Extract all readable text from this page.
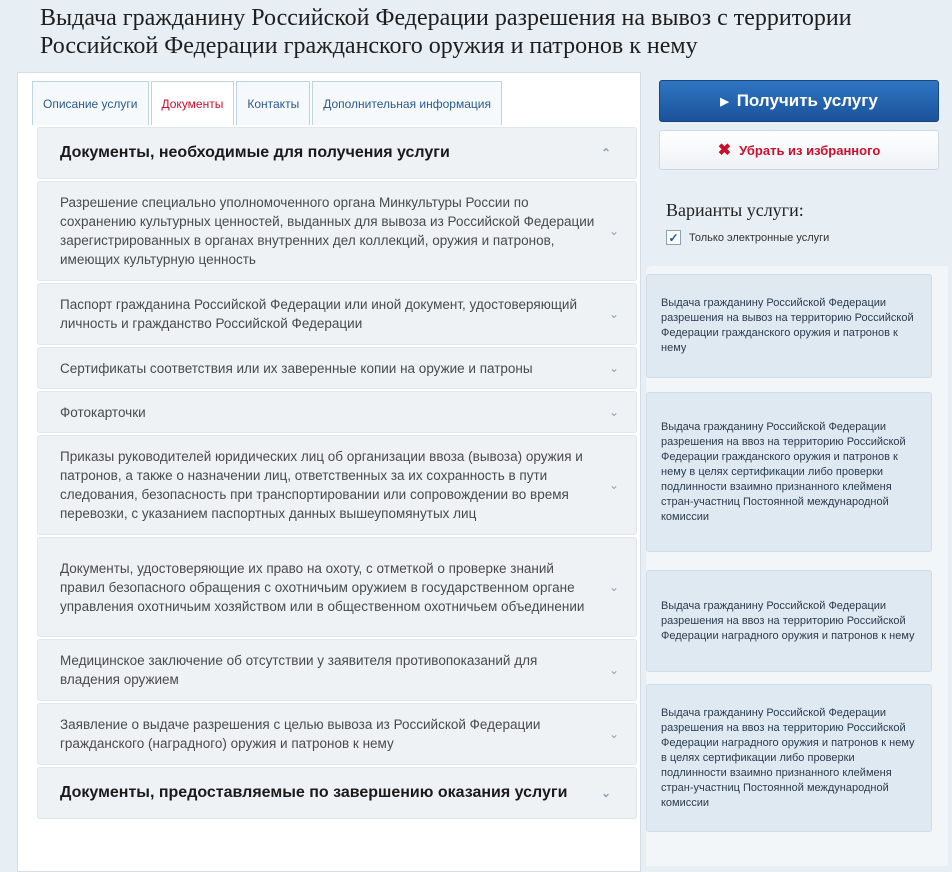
Выдача гражданину Российской Федерации разрешения на вывоз с территории Российской Федерации гражданского оружия и патронов к нему
Описание услуги	Документы	Контакты	Дополнительная информация
Документы, необходимые для получения услуги	⌃
Разрешение специально уполномоченного органа Минкультуры России по сохранению культурных ценностей, выданных для вывоза из Российской Федерации зарегистрированных в органах внутренних дел коллекций, оружия и патронов, имеющих культурную ценность
⌄
Паспорт гражданина Российской Федерации или иной документ, удостоверяющий личность и гражданство Российской Федерации
⌄
Сертификаты соответствия или их заверенные копии на оружие и патроны	⌄
Фотокарточки	⌄
Приказы руководителей юридических лиц об организации ввоза (вывоза) оружия и патронов, а также о назначении лиц, ответственных за их сохранность в пути следования, безопасность при транспортировании или сопровождении во время перевозки, с указанием паспортных данных вышеупомянутых лиц
⌄
Документы, удостоверяющие их право на охоту, с отметкой о проверке знаний правил безопасного обращения с охотничьим оружием в государственном органе управления охотничьим хозяйством или в общественном охотничьем объединении
⌄
Медицинское заключение об отсутствии у заявителя противопоказаний для владения оружием
⌄
Заявление о выдаче разрешения с целью вывоза из Российской Федерации гражданского (наградного) оружия и патронов к нему
⌄
Документы, предоставляемые по завершению оказания услуги	⌄
▶ Получить услугу
✖ Убрать из избранного
Варианты услуги:
✓ Только электронные услуги
Выдача гражданину Российской Федерации разрешения на вывоз на территорию Российской Федерации гражданского оружия и патронов к нему
Выдача гражданину Российской Федерации разрешения на ввоз на территорию Российской Федерации гражданского оружия и патронов к нему в целях сертификации либо проверки подлинности взаимно признанного клейменя стран-участниц Постоянной международной комиссии
Выдача гражданину Российской Федерации разрешения на ввоз на территорию Российской Федерации наградного оружия и патронов к нему
Выдача гражданину Российской Федерации разрешения на ввоз на территорию Российской Федерации наградного оружия и патронов к нему в целях сертификации либо проверки подлинности взаимно признанного клейменя стран-участниц Постоянной международной комиссии
